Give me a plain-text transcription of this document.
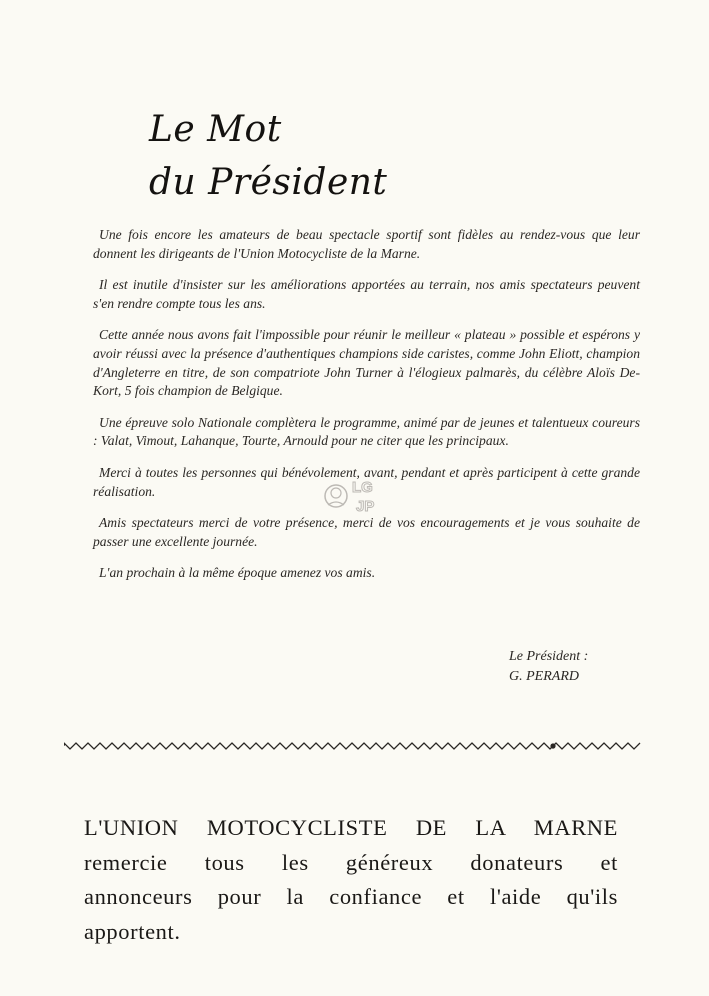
Le Mot
du Président

Une fois encore les amateurs de beau spectacle sportif sont fidèles au rendez-vous que leur donnent les dirigeants de l'Union Motocycliste de la Marne.

Il est inutile d'insister sur les améliorations apportées au terrain, nos amis spectateurs peuvent s'en rendre compte tous les ans.

Cette année nous avons fait l'impossible pour réunir le meilleur « plateau » possible et espérons y avoir réussi avec la présence d'authentiques champions side caristes, comme John Eliott, champion d'Angleterre en titre, de son compatriote John Turner à l'élogieux palmarès, du célèbre Aloïs De-Kort, 5 fois champion de Belgique.

Une épreuve solo Nationale complètera le programme, animé par de jeunes et talentueux coureurs : Valat, Vimout, Lahanque, Tourte, Arnould pour ne citer que les principaux.

Merci à toutes les personnes qui bénévolement, avant, pendant et après participent à cette grande réalisation.

Amis spectateurs merci de votre présence, merci de vos encouragements et je vous souhaite de passer une excellente journée.

L'an prochain à la même époque amenez vos amis.

Le Président :
G. PERARD
LG
JP
L'UNION MOTOCYCLISTE DE LA MARNE
remercie tous les généreux donateurs et
annonceurs pour la confiance et l'aide qu'ils
apportent.
